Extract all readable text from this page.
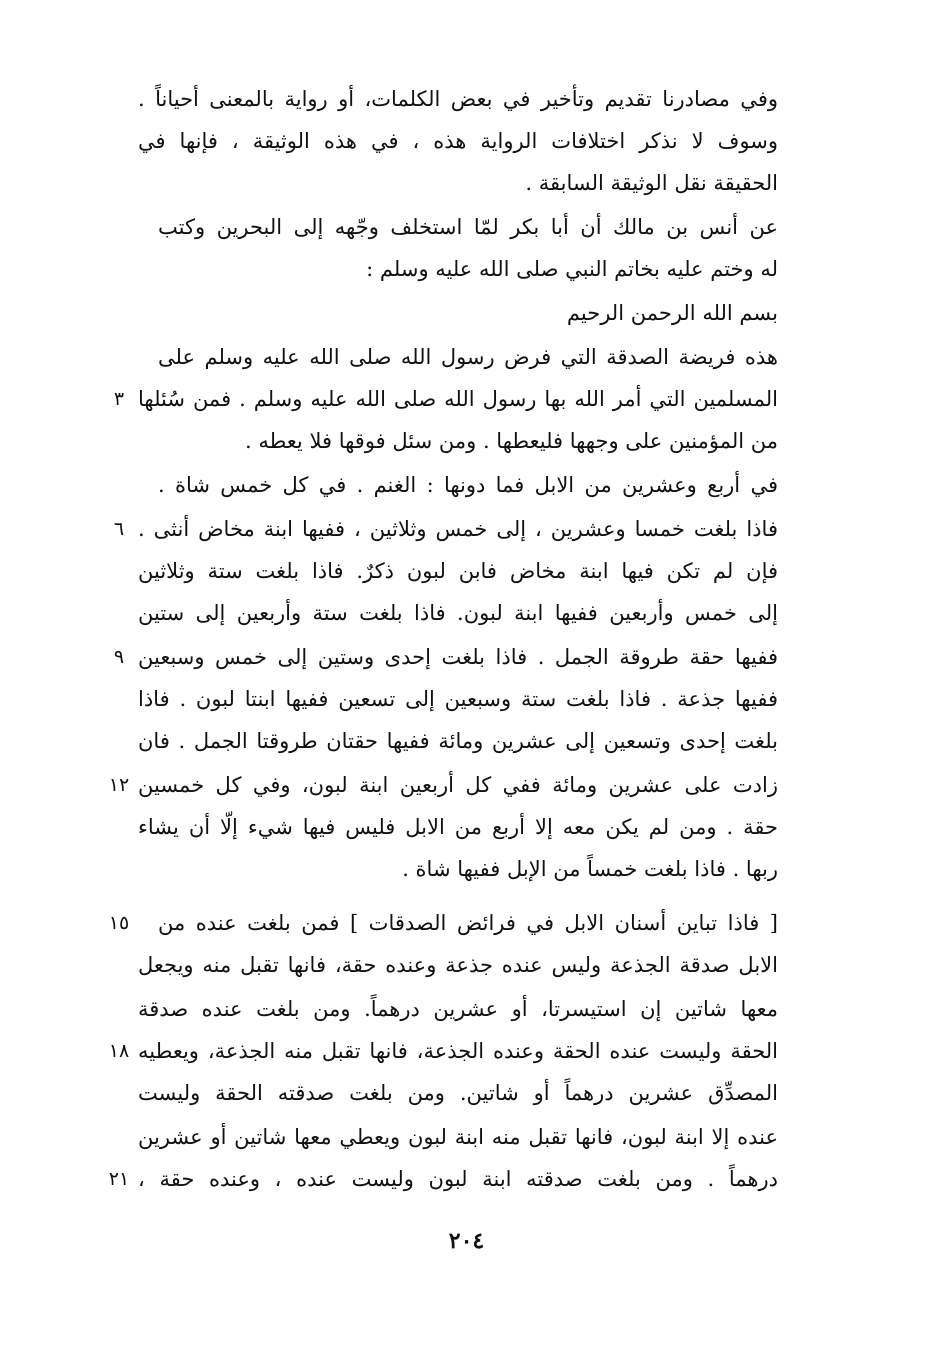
وفي مصادرنا تقديم وتأخير في بعض الكلمات، أو رواية بالمعنى أحياناً .
وسوف لا نذكر اختلافات الرواية هذه ، في هذه الوثيقة ، فإنها في
الحقيقة نقل الوثيقة السابقة .
عن أنس بن مالك أن أبا بكر لمّا استخلف وجّهه إلى البحرين وكتب
له وختم عليه بخاتم النبي صلى الله عليه وسلم :
بسم الله الرحمن الرحيم
هذه فريضة الصدقة التي فرض رسول الله صلى الله عليه وسلم على
المسلمين التي أمر الله بها رسول الله صلى الله عليه وسلم . فمن سُئلها
من المؤمنين على وجهها فليعطها . ومن سئل فوقها فلا يعطه .
في أربع وعشرين من الابل فما دونها : الغنم . في كل خمس شاة .
فاذا بلغت خمسا وعشرين ، إلى خمس وثلاثين ، ففيها ابنة مخاض أنثى .
فإن لم تكن فيها ابنة مخاض فابن لبون ذكرٌ. فاذا بلغت ستة وثلاثين
إلى خمس وأربعين ففيها ابنة لبون. فاذا بلغت ستة وأربعين إلى ستين
ففيها حقة طروقة الجمل . فاذا بلغت إحدى وستين إلى خمس وسبعين
ففيها جذعة . فاذا بلغت ستة وسبعين إلى تسعين ففيها ابنتا لبون . فاذا
بلغت إحدى وتسعين إلى عشرين ومائة ففيها حقتان طروقتا الجمل . فان
زادت على عشرين ومائة ففي كل أربعين ابنة لبون، وفي كل خمسين
حقة . ومن لم يكن معه إلا أربع من الابل فليس فيها شيء إلّا أن يشاء
ربها . فاذا بلغت خمساً من الإبل ففيها شاة .
[ فاذا تباين أسنان الابل في فرائض الصدقات ] فمن بلغت عنده من
الابل صدقة الجذعة وليس عنده جذعة وعنده حقة، فانها تقبل منه ويجعل
معها شاتين إن استيسرتا، أو عشرين درهماً. ومن بلغت عنده صدقة
الحقة وليست عنده الحقة وعنده الجذعة، فانها تقبل منه الجذعة، ويعطيه
المصدِّق عشرين درهماً أو شاتين. ومن بلغت صدقته الحقة وليست
عنده إلا ابنة لبون، فانها تقبل منه ابنة لبون ويعطي معها شاتين أو عشرين
درهماً . ومن بلغت صدقته ابنة لبون وليست عنده ، وعنده حقة ،
٣
٦
٩
١٢
١٥
١٨
٢١
٢٠٤
